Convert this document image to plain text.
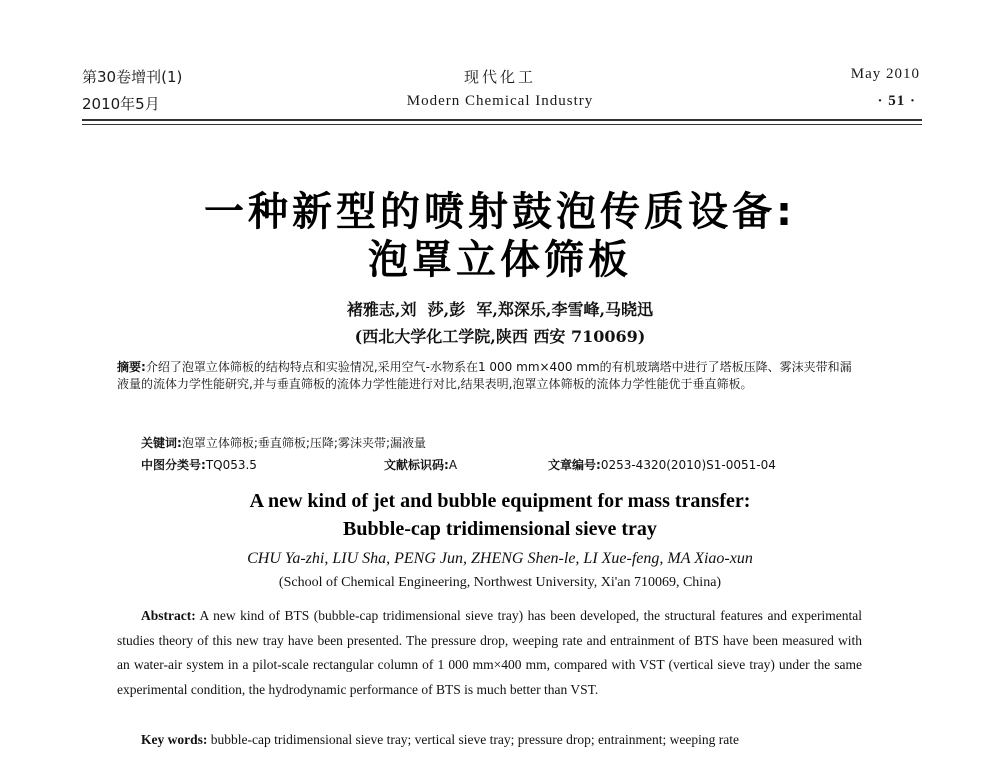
第30卷增刊(1)
2010年5月
现代化工
Modern Chemical Industry
May 2010
· 51 ·
一种新型的喷射鼓泡传质设备:
泡罩立体筛板
褚雅志,刘  莎,彭  军,郑深乐,李雪峰,马晓迅
(西北大学化工学院,陕西 西安 710069)
摘要:介绍了泡罩立体筛板的结构特点和实验情况,采用空气-水物系在1 000 mm×400 mm的有机玻璃塔中进行了塔板压降、雾沫夹带和漏液量的流体力学性能研究,并与垂直筛板的流体力学性能进行对比,结果表明,泡罩立体筛板的流体力学性能优于垂直筛板。
关键词:泡罩立体筛板;垂直筛板;压降;雾沫夹带;漏液量
中图分类号:TQ053.5	文献标识码:A	文章编号:0253-4320(2010)S1-0051-04
A new kind of jet and bubble equipment for mass transfer:
Bubble-cap tridimensional sieve tray
CHU Ya-zhi, LIU Sha, PENG Jun, ZHENG Shen-le, LI Xue-feng, MA Xiao-xun
(School of Chemical Engineering, Northwest University, Xi'an 710069, China)
Abstract: A new kind of BTS (bubble-cap tridimensional sieve tray) has been developed, the structural features and experimental studies theory of this new tray have been presented. The pressure drop, weeping rate and entrainment of BTS have been measured with an water-air system in a pilot-scale rectangular column of 1 000 mm×400 mm, compared with VST (vertical sieve tray) under the same experimental condition, the hydrodynamic performance of BTS is much better than VST.
Key words: bubble-cap tridimensional sieve tray; vertical sieve tray; pressure drop; entrainment; weeping rate
